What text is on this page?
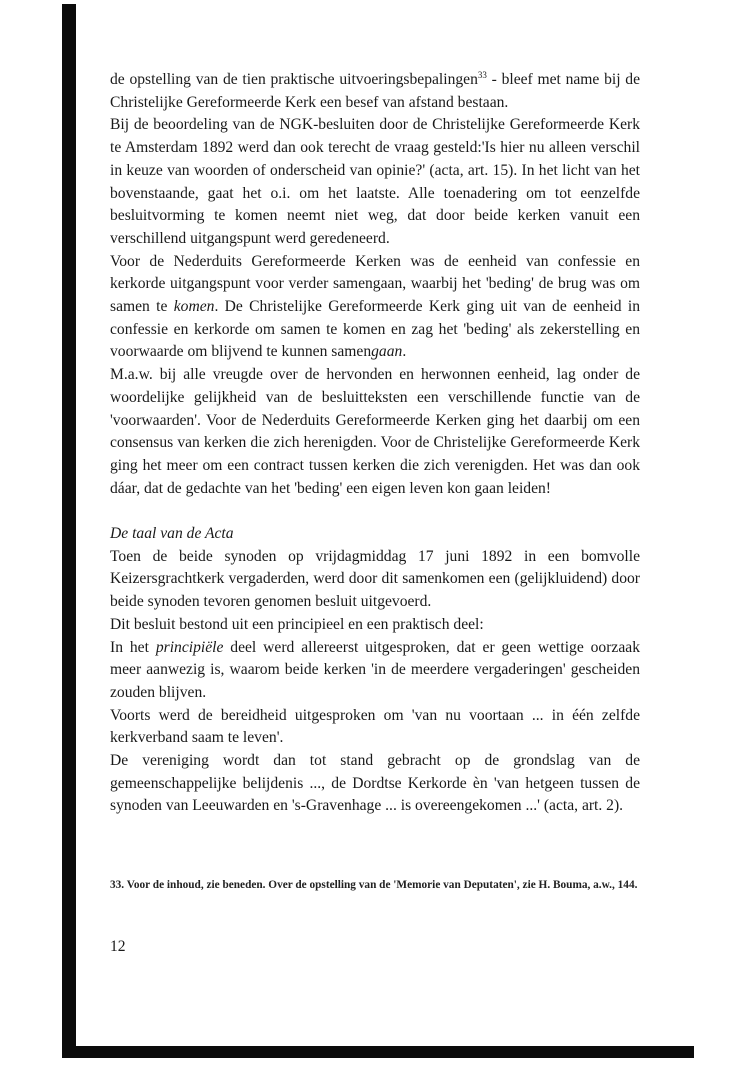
de opstelling van de tien praktische uitvoeringsbepalingen$^{33}$ - bleef met name bij de Christelijke Gereformeerde Kerk een besef van afstand bestaan.

Bij de beoordeling van de NGK-besluiten door de Christelijke Gereformeerde Kerk te Amsterdam 1892 werd dan ook terecht de vraag gesteld:'Is hier nu alleen verschil in keuze van woorden of onderscheid van opinie?' (acta, art. 15). In het licht van het bovenstaande, gaat het o.i. om het laatste. Alle toenadering om tot eenzelfde besluitvorming te komen neemt niet weg, dat door beide kerken vanuit een verschillend uitgangspunt werd geredeneerd.

Voor de Nederduits Gereformeerde Kerken was de eenheid van confessie en kerkorde uitgangspunt voor verder samengaan, waarbij het 'beding' de brug was om samen te komen. De Christelijke Gereformeerde Kerk ging uit van de eenheid in confessie en kerkorde om samen te komen en zag het 'beding' als zekerstelling en voorwaarde om blijvend te kunnen samengaan.

M.a.w. bij alle vreugde over de hervonden en herwonnen eenheid, lag onder de woordelijke gelijkheid van de besluitteksten een verschillende functie van de 'voorwaarden'. Voor de Nederduits Gereformeerde Kerken ging het daarbij om een consensus van kerken die zich herenigden. Voor de Christelijke Gereformeerde Kerk ging het meer om een contract tussen kerken die zich verenigden. Het was dan ook dáar, dat de gedachte van het 'beding' een eigen leven kon gaan leiden!

De taal van de Acta

Toen de beide synoden op vrijdagmiddag 17 juni 1892 in een bomvolle Keizersgrachtkerk vergaderden, werd door dit samenkomen een (gelijkluidend) door beide synoden tevoren genomen besluit uitgevoerd.

Dit besluit bestond uit een principieel en een praktisch deel:

In het principiële deel werd allereerst uitgesproken, dat er geen wettige oorzaak meer aanwezig is, waarom beide kerken 'in de meerdere vergaderingen' gescheiden zouden blijven.

Voorts werd de bereidheid uitgesproken om 'van nu voortaan ... in één zelfde kerkverband saam te leven'.

De vereniging wordt dan tot stand gebracht op de grondslag van de gemeenschappelijke belijdenis ..., de Dordtse Kerkorde èn 'van hetgeen tussen de synoden van Leeuwarden en 's-Gravenhage ... is overeengekomen ...' (acta, art. 2).

33. Voor de inhoud, zie beneden. Over de opstelling van de 'Memorie van Deputaten', zie H. Bouma, a.w., 144.
12
